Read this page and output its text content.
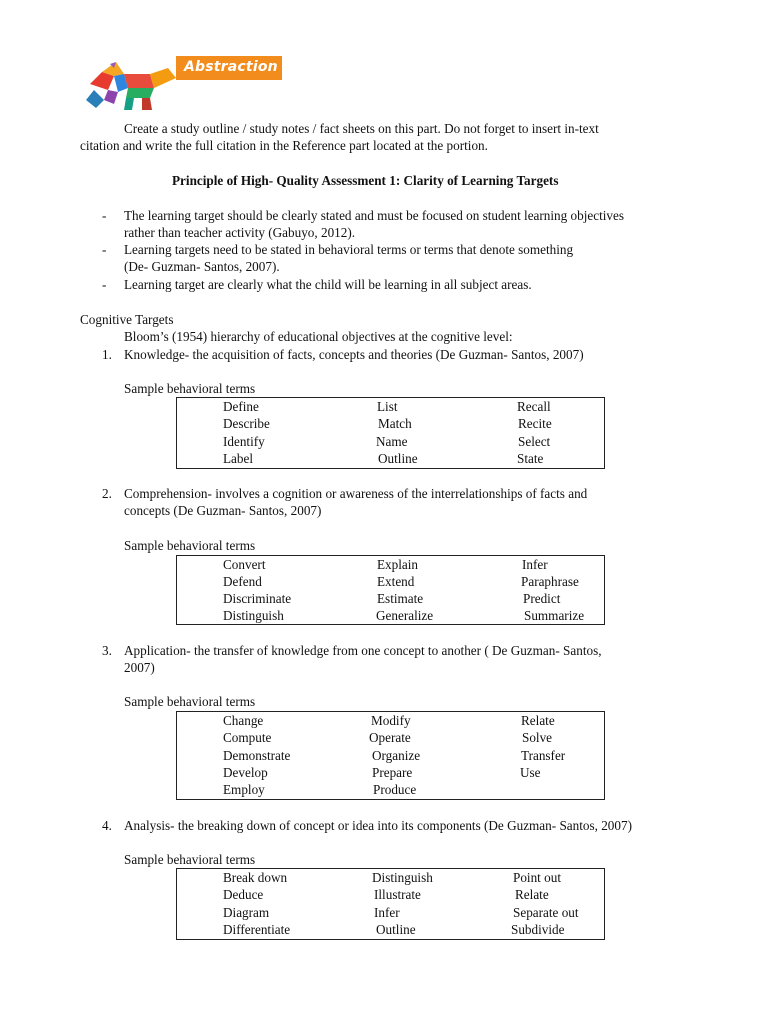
Abstraction
Create a study outline / study notes / fact sheets on this part. Do not forget to insert in-text
citation and write the full citation in the Reference part located at the portion.
Principle of High- Quality Assessment 1: Clarity of Learning Targets
- The learning target should be clearly stated and must be focused on student learning objectives
rather than teacher activity (Gabuyo, 2012).
- Learning targets need to be stated in behavioral terms or terms that denote something
(De- Guzman- Santos, 2007).
- Learning target are clearly what the child will be learning in all subject areas.
Cognitive Targets
Bloom’s (1954) hierarchy of educational objectives at the cognitive level:
1. Knowledge- the acquisition of facts, concepts and theories (De Guzman- Santos, 2007)
Sample behavioral terms
Define	List	Recall
Describe	Match	Recite
Identify	Name	Select
Label	Outline	State
2. Comprehension- involves a cognition or awareness of the interrelationships of facts and
concepts (De Guzman- Santos, 2007)
Sample behavioral terms
Convert	Explain	Infer
Defend	Extend	Paraphrase
Discriminate	Estimate	Predict
Distinguish	Generalize	Summarize
3. Application- the transfer of knowledge from one concept to another ( De Guzman- Santos,
2007)
Sample behavioral terms
Change	Modify	Relate
Compute	Operate	Solve
Demonstrate	Organize	Transfer
Develop	Prepare	Use
Employ	Produce
4. Analysis- the breaking down of concept or idea into its components (De Guzman- Santos, 2007)
Sample behavioral terms
Break down	Distinguish	Point out
Deduce	Illustrate	Relate
Diagram	Infer	Separate out
Differentiate	Outline	Subdivide
